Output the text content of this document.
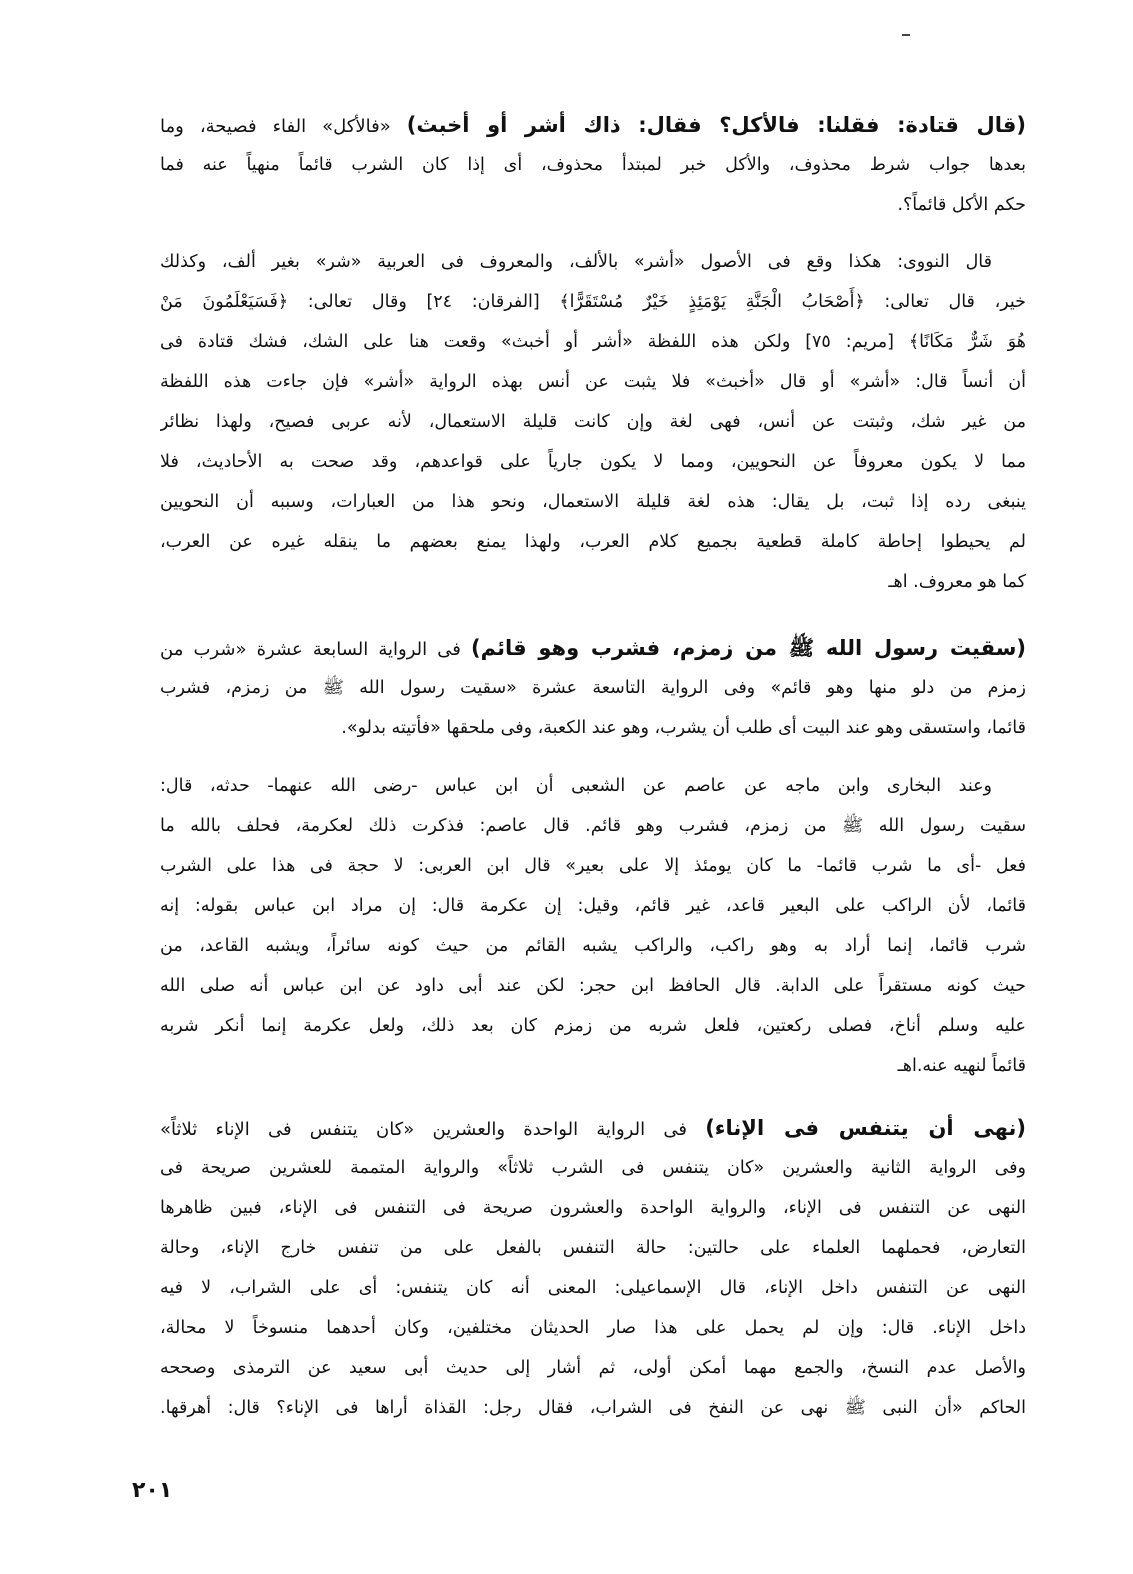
(قال قتادة: فقلنا: فالأكل؟ فقال: ذاك أشر أو أخبث) «فالأكل» الفاء فصيحة، وما
بعدها جواب شرط محذوف، والأكل خبر لمبتدأ محذوف، أى إذا كان الشرب قائماً منهياً عنه فما
حكم الأكل قائماً؟.
قال النووى: هكذا وقع فى الأصول «أشر» بالألف، والمعروف فى العربية «شر» بغير ألف، وكذلك
خير، قال تعالى: ﴿أَصْحَابُ الْجَنَّةِ يَوْمَئِذٍ خَيْرٌ مُسْتَقَرًّا﴾ [الفرقان: ٢٤] وقال تعالى: ﴿فَسَيَعْلَمُونَ مَنْ
هُوَ شَرٌّ مَكَانًا﴾ [مريم: ٧٥] ولكن هذه اللفظة «أشر أو أخبث» وقعت هنا على الشك، فشك قتادة فى
أن أنساً قال: «أشر» أو قال «أخبث» فلا يثبت عن أنس بهذه الرواية «أشر» فإن جاءت هذه اللفظة
من غير شك، وثبتت عن أنس، فهى لغة وإن كانت قليلة الاستعمال، لأنه عربى فصيح، ولهذا نظائر
مما لا يكون معروفاً عن النحويين، ومما لا يكون جارياً على قواعدهم، وقد صحت به الأحاديث، فلا
ينبغى رده إذا ثبت، بل يقال: هذه لغة قليلة الاستعمال، ونحو هذا من العبارات، وسببه أن النحويين
لم يحيطوا إحاطة كاملة قطعية بجميع كلام العرب، ولهذا يمنع بعضهم ما ينقله غيره عن العرب،
كما هو معروف. اهـ
(سقيت رسول الله ﷺ من زمزم، فشرب وهو قائم) فى الرواية السابعة عشرة «شرب من
زمزم من دلو منها وهو قائم» وفى الرواية التاسعة عشرة «سقيت رسول الله ﷺ من زمزم، فشرب
قائما، واستسقى وهو عند البيت أى طلب أن يشرب، وهو عند الكعبة، وفى ملحقها «فأتيته بدلو».
وعند البخارى وابن ماجه عن عاصم عن الشعبى أن ابن عباس -رضى الله عنهما- حدثه، قال:
سقيت رسول الله ﷺ من زمزم، فشرب وهو قائم. قال عاصم: فذكرت ذلك لعكرمة، فحلف بالله ما
فعل -أى ما شرب قائما- ما كان يومئذ إلا على بعير» قال ابن العربى: لا حجة فى هذا على الشرب
قائما، لأن الراكب على البعير قاعد، غير قائم، وقيل: إن عكرمة قال: إن مراد ابن عباس بقوله: إنه
شرب قائما، إنما أراد به وهو راكب، والراكب يشبه القائم من حيث كونه سائراً، ويشبه القاعد، من
حيث كونه مستقراً على الدابة. قال الحافظ ابن حجر: لكن عند أبى داود عن ابن عباس أنه صلى الله
عليه وسلم أناخ، فصلى ركعتين، فلعل شربه من زمزم كان بعد ذلك، ولعل عكرمة إنما أنكر شربه
قائماً لنهيه عنه.اهـ
(نهى أن يتنفس فى الإناء) فى الرواية الواحدة والعشرين «كان يتنفس فى الإناء ثلاثاً»
وفى الرواية الثانية والعشرين «كان يتنفس فى الشرب ثلاثاً» والرواية المتممة للعشرين صريحة فى
النهى عن التنفس فى الإناء، والرواية الواحدة والعشرون صريحة فى التنفس فى الإناء، فبين ظاهرها
التعارض، فحملهما العلماء على حالتين: حالة التنفس بالفعل على من تنفس خارج الإناء، وحالة
النهى عن التنفس داخل الإناء، قال الإسماعيلى: المعنى أنه كان يتنفس: أى على الشراب، لا فيه
داخل الإناء. قال: وإن لم يحمل على هذا صار الحديثان مختلفين، وكان أحدهما منسوخاً لا محالة،
والأصل عدم النسخ، والجمع مهما أمكن أولى، ثم أشار إلى حديث أبى سعيد عن الترمذى وصححه
الحاكم «أن النبى ﷺ نهى عن النفخ فى الشراب، فقال رجل: القذاة أراها فى الإناء؟ قال: أهرقها.
٢٠١
